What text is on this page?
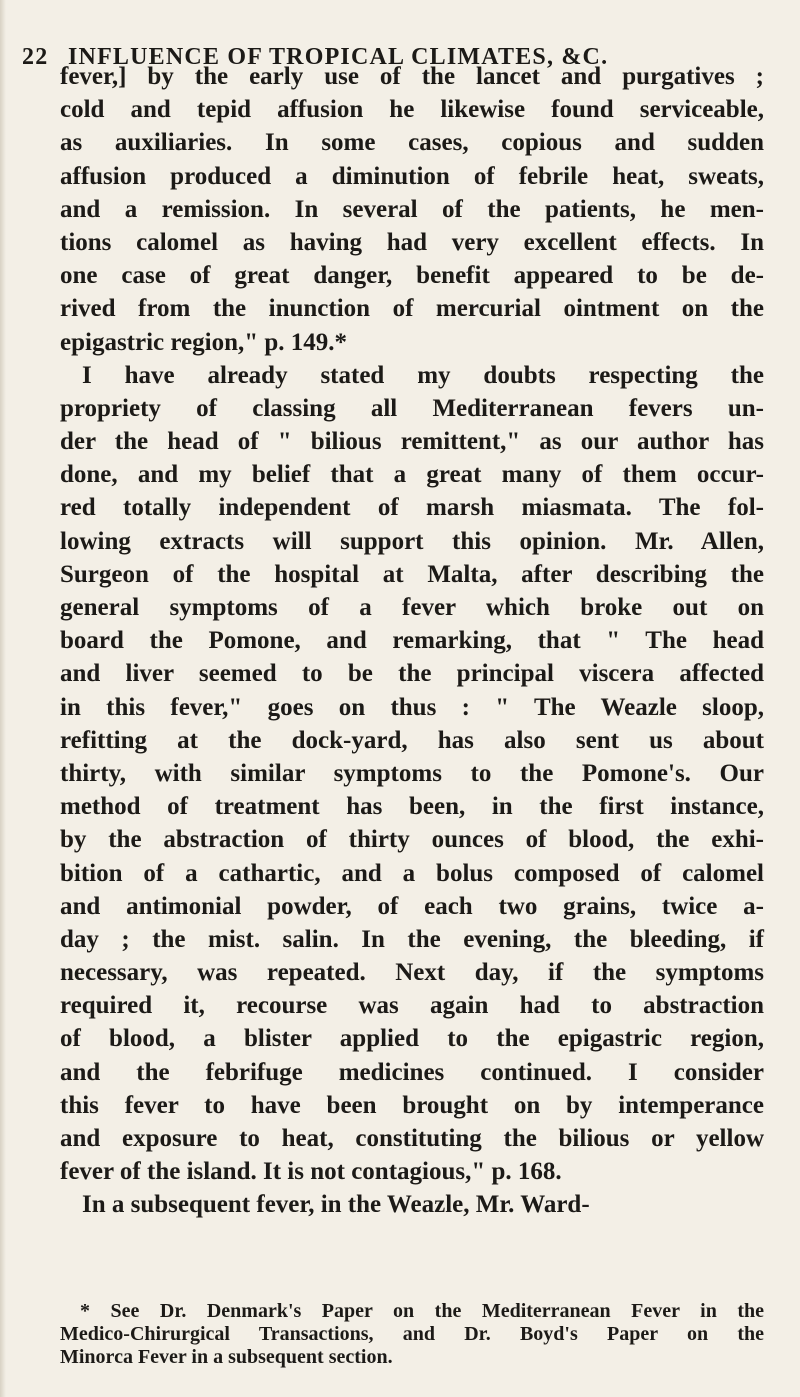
22 INFLUENCE OF TROPICAL CLIMATES, &C.
fever,] by the early use of the lancet and purgatives ;
cold and tepid affusion he likewise found serviceable,
as auxiliaries. In some cases, copious and sudden
affusion produced a diminution of febrile heat, sweats,
and a remission. In several of the patients, he men-
tions calomel as having had very excellent effects. In
one case of great danger, benefit appeared to be de-
rived from the inunction of mercurial ointment on the
epigastric region," p. 149.*
I have already stated my doubts respecting the
propriety of classing all Mediterranean fevers un-
der the head of " bilious remittent," as our author has
done, and my belief that a great many of them occur-
red totally independent of marsh miasmata. The fol-
lowing extracts will support this opinion. Mr. Allen,
Surgeon of the hospital at Malta, after describing the
general symptoms of a fever which broke out on
board the Pomone, and remarking, that " The head
and liver seemed to be the principal viscera affected
in this fever," goes on thus : " The Weazle sloop,
refitting at the dock-yard, has also sent us about
thirty, with similar symptoms to the Pomone's. Our
method of treatment has been, in the first instance,
by the abstraction of thirty ounces of blood, the exhi-
bition of a cathartic, and a bolus composed of calomel
and antimonial powder, of each two grains, twice a-
day ; the mist. salin. In the evening, the bleeding, if
necessary, was repeated. Next day, if the symptoms
required it, recourse was again had to abstraction
of blood, a blister applied to the epigastric region,
and the febrifuge medicines continued. I consider
this fever to have been brought on by intemperance
and exposure to heat, constituting the bilious or yellow
fever of the island. It is not contagious," p. 168.
In a subsequent fever, in the Weazle, Mr. Ward-
* See Dr. Denmark's Paper on the Mediterranean Fever in the
Medico-Chirurgical Transactions, and Dr. Boyd's Paper on the
Minorca Fever in a subsequent section.
